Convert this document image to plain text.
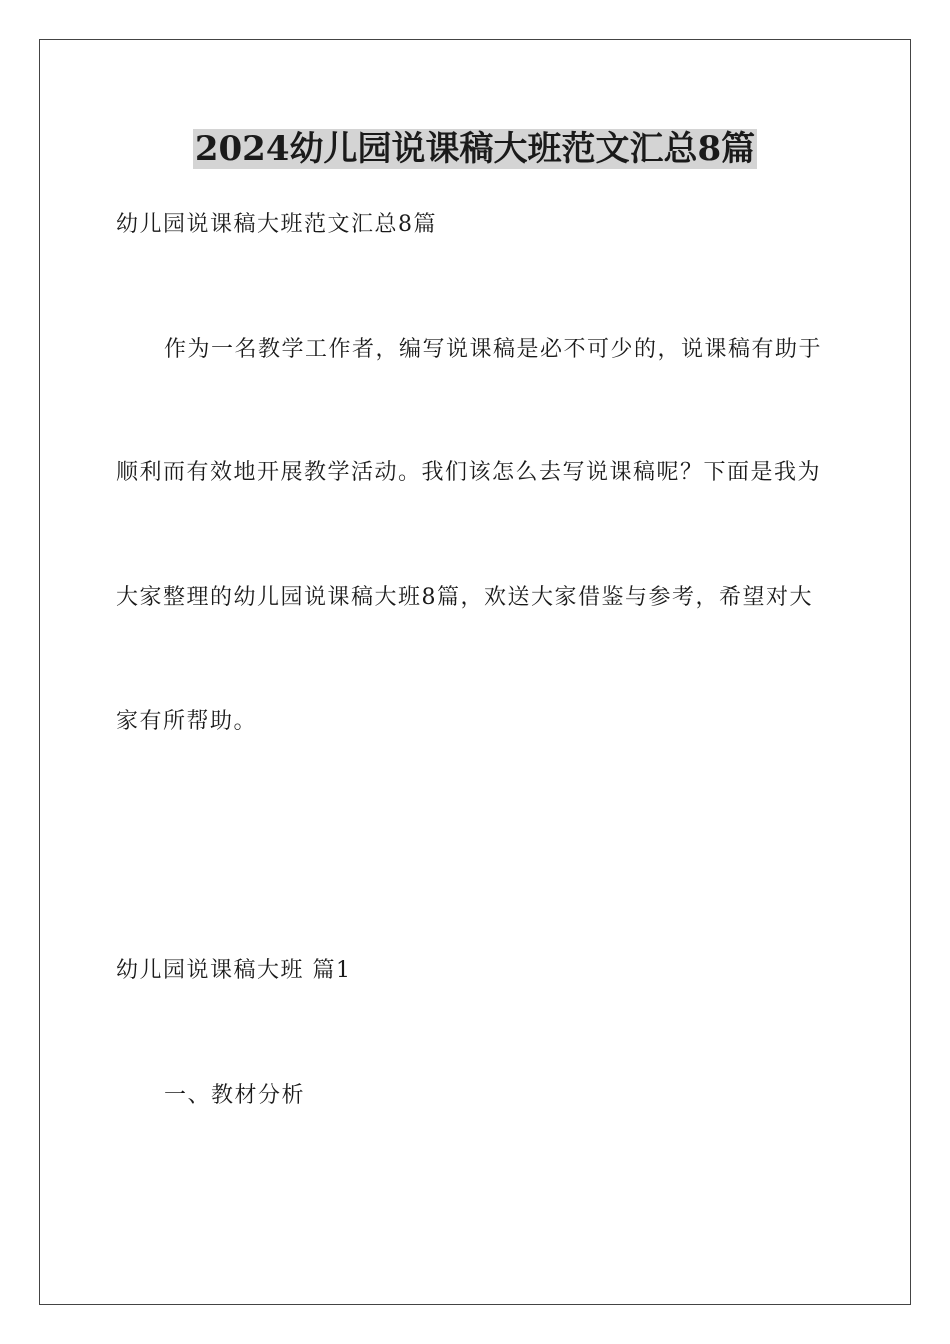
2024幼儿园说课稿大班范文汇总8篇

幼儿园说课稿大班范文汇总8篇

作为一名教学工作者，编写说课稿是必不可少的，说课稿有助于

顺利而有效地开展教学活动。我们该怎么去写说课稿呢？下面是我为

大家整理的幼儿园说课稿大班8篇，欢送大家借鉴与参考，希望对大

家有所帮助。

幼儿园说课稿大班 篇1

一、教材分析
